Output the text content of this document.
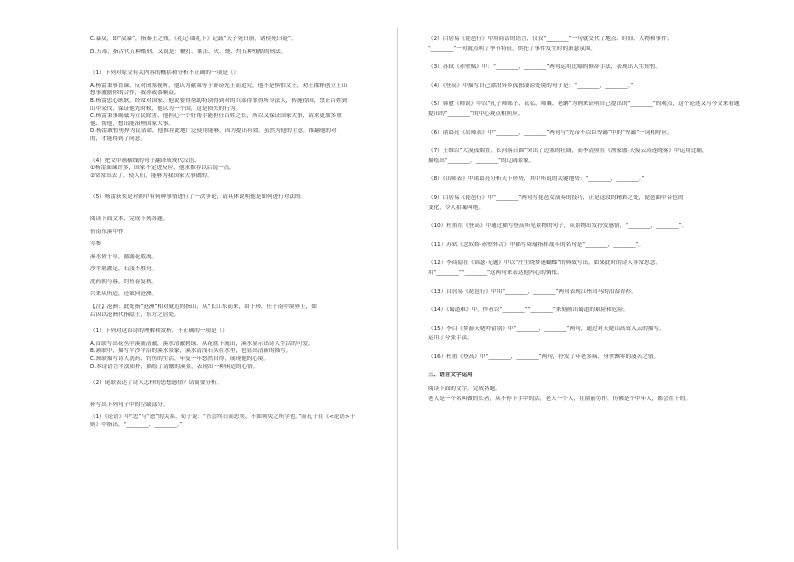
C.暴戾，即“戾暴”，指秦王之残。《礼记·曲礼下》记载“天子死曰崩，诸侯死曰薨”。

D.五毒，指古代五种酷刑，又说是：鞭打、箠击、火、烧、灼五种残酷的刑法。

（1）下列对原文有关内容的概括和分析不正确的一项是（）

A.杨雷秉事直谏，反对闭塞视听，他认为献策等于诽谤先王而追究，他不是惧怕文王，劝王郡释创立王山

想事激励你的合作，我亦或恭顺益。

B.杨雷忠心耿耿，经常对国家、他说要得帮助特别得到对的兵部得罪得所令法人，转施得国，禁止百姓到

山中采伐，保证他先时候，他认为一个国，这是损失的行为。

C.杨雷秉事竭诚为立民除害，他担心一个好帮手能担任百姓之长，所以又保证国家大事，请求更加多重

他、帮他，想出能治理国家大事。

D.杨雷敢暂勇捍为民请命，他推荐此地广泛使用能够，因为提出有效。虽然为他的主意，推翻他的对

的，才能得到了同意。

（4）把文中画横线的句子翻译成现代汉语。

①杨雷面谏许多，国家不定进反应，他求推荐以后说一点。

②常常出去了，使人们，能够为我国家大事做的。

（5）杨雷获奖是对朝中有何种事情进行了一次争论，请具体说明他是如何进行对法的。

阅读下面文本，完成下列各题。

仿南东溪中作

岑参

溪水碧于草，潺潺花底流。

沙平堪濯足，石浅不胜舟。

洗药朝与暮，钓鱼春复秋。

兴来从所适，还欲向沧洲。

【注】沧洲：此处指“沧洲”相对就近的指山，从“长江东而来，由于珍，任于南中境界上，如

后因以沧洲代指隐士，东方之居处。

（1）下列对这首诗的理解和赏析，不正确的一项是（）

A.首联写出花丛中溪流清澈，溪水清澈碧绿，从花底下流出，溪水显示出诗人生活的可爱。

B.颔联中，描写平沙平沿的溪水景象，溪水清浅石头在水里，也显出清新的描写。

C.颈联描写诗人洗药、钓鱼的生活，年复一年悠然自得，展现他的心境。

D.本诗语言平淡质朴，描绘了清幽的溪景，表现出一种闲适的心情。

（2）尾联表达了诗人怎样的思想感情？请简要分析。

补写出下列句子中的空缺部分。

（1）《论语》中“忠”与“恕”的关系，荀子说：“吾尝终日而思矣，不如须臾之所学也。”而孔子在《<论语>十

则》中指出，“________，________。”

（2）白居易《琵琶行》中用简洁的语言，仅仅“________”一句就交代了地点、时间、人物和事件；

“________”一句就点明了季节特征，烘托了事件发生时的萧瑟氛围。

（3）苏轼《赤壁赋》中：“________，________”两句运用比喻的修辞手法，表现出人生短暂。

（4）《登高》中描写自己漂泊异乡孤独凄凉处境的句子是：“________，________。”

（5）韩愈《师说》中以“孔子师郯子、苌弘、师襄、老聃”为例来证明自己提出的“________”的观点，这个论述又与今文来看题

提出的“________”的中心观点相照应。

（6）诸葛亮《出师表》中“________，________”两句与“先帝不以臣卑鄙”中的“卑鄙”一词相呼应。

（7）王维以“大漠孤烟直，长河落日圆”突出了边塞的壮阔，而李清照在《渔家傲·天接云涛连晓雾》中运用比喻，

描绘出“________，________”的辽阔景象。

（8）《出师表》中诸葛亮分析天下形势，其中所说的关键地势：“________，________。”

（9）白居易《琵琶行》中“________”两句写琵琶女演奏的技巧，正是这段的精彩之处，琵琶曲中音色的

变化，令人拍案叫绝。

（10）杜甫在《登高》中通过描写登高所见景物的句子，从景物出发抒发感情，“________，________”。

（11）苏轼《念奴娇·赤壁怀古》中描写周瑜指挥战斗的名句是“________，________”。

（12）李商隐在《锦瑟·无题》中以“庄生晓梦迷蝴蝶”的典故写出，如果此时的诗人非常思念，

用“________”“________”这两句来表达他内心的惆怅。

（13）白居易《琵琶行》中用“________，________”两句表现江州司马的泪湿青衫。

（14）《蜀道难》中，作者以“________”“________”来刻画出蜀道的艰险和危险。

（15）李白《梦游天姥吟留别》中“________，________”两句，通过对天姥山高耸入云的描写，

运用了夸张手法。

（16）杜甫《登高》中“________，________”两句，抒发了年老多病、身世飘零的凄苦之情。

三、语言文字运用

阅读下面的文字，完成各题。

老人是一个名叫做的长者，从不停下手中的活，老人一个人，在窗前劳作，仿佛是个中年人，都会在干的。
